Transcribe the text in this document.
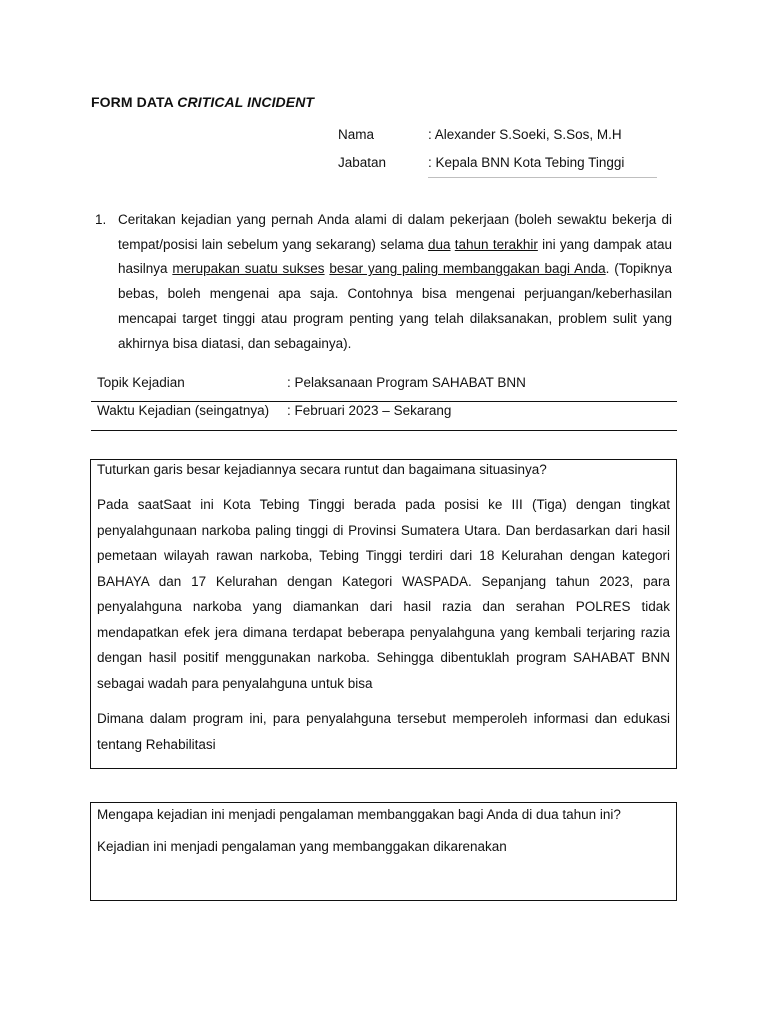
FORM DATA CRITICAL INCIDENT
Nama	: Alexander S.Soeki, S.Sos, M.H
Jabatan	: Kepala BNN Kota Tebing Tinggi
1. Ceritakan kejadian yang pernah Anda alami di dalam pekerjaan (boleh sewaktu bekerja di tempat/posisi lain sebelum yang sekarang) selama dua tahun terakhir ini yang dampak atau hasilnya merupakan suatu sukses besar yang paling membanggakan bagi Anda. (Topiknya bebas, boleh mengenai apa saja. Contohnya bisa mengenai perjuangan/keberhasilan mencapai target tinggi atau program penting yang telah dilaksanakan, problem sulit yang akhirnya bisa diatasi, dan sebagainya).
Topik Kejadian	: Pelaksanaan Program SAHABAT BNN
Waktu Kejadian (seingatnya) : Februari 2023 – Sekarang
Tuturkan garis besar kejadiannya secara runtut dan bagaimana situasinya?

Pada saatSaat ini Kota Tebing Tinggi berada pada posisi ke III (Tiga) dengan tingkat penyalahgunaan narkoba paling tinggi di Provinsi Sumatera Utara. Dan berdasarkan dari hasil pemetaan wilayah rawan narkoba, Tebing Tinggi terdiri dari 18 Kelurahan dengan kategori BAHAYA dan 17 Kelurahan dengan Kategori WASPADA. Sepanjang tahun 2023, para penyalahguna narkoba yang diamankan dari hasil razia dan serahan POLRES tidak mendapatkan efek jera dimana terdapat beberapa penyalahguna yang kembali terjaring razia dengan hasil positif menggunakan narkoba. Sehingga dibentuklah program SAHABAT BNN sebagai wadah para penyalahguna untuk bisa

Dimana dalam program ini, para penyalahguna tersebut memperoleh informasi dan edukasi tentang Rehabilitasi

Mengapa kejadian ini menjadi pengalaman membanggakan bagi Anda di dua tahun ini?

Kejadian ini menjadi pengalaman yang membanggakan dikarenakan
